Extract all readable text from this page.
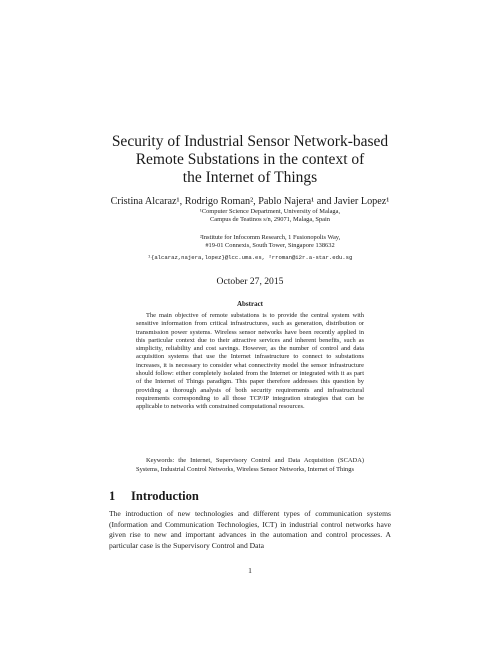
Security of Industrial Sensor Network-based
Remote Substations in the context of
the Internet of Things
Cristina Alcaraz¹, Rodrigo Roman², Pablo Najera¹ and Javier Lopez¹
¹Computer Science Department, University of Malaga,
Campus de Teatinos s/n, 29071, Malaga, Spain
²Institute for Infocomm Research, 1 Fusionopolis Way,
#19-01 Connexis, South Tower, Singapore 138632
¹{alcaraz,najera,lopez}@lcc.uma.es, ²rroman@i2r.a-star.edu.sg
October 27, 2015
Abstract
The main objective of remote substations is to provide the central system with sensitive information from critical infrastructures, such as generation, distribution or transmission power systems. Wireless sensor networks have been recently applied in this particular context due to their attractive services and inherent benefits, such as simplicity, reliability and cost savings. However, as the number of control and data acquisition systems that use the Internet infrastructure to connect to substations increases, it is necessary to consider what connectivity model the sensor infrastructure should follow: either completely isolated from the Internet or integrated with it as part of the Internet of Things paradigm. This paper therefore addresses this question by providing a thorough analysis of both security requirements and infrastructural requirements corresponding to all those TCP/IP integration strategies that can be applicable to networks with constrained computational resources.
Keywords: the Internet, Supervisory Control and Data Acquisition (SCADA) Systems, Industrial Control Networks, Wireless Sensor Networks, Internet of Things
1 Introduction
The introduction of new technologies and different types of communication systems (Information and Communication Technologies, ICT) in industrial control networks have given rise to new and important advances in the automation and control processes. A particular case is the Supervisory Control and Data
1
